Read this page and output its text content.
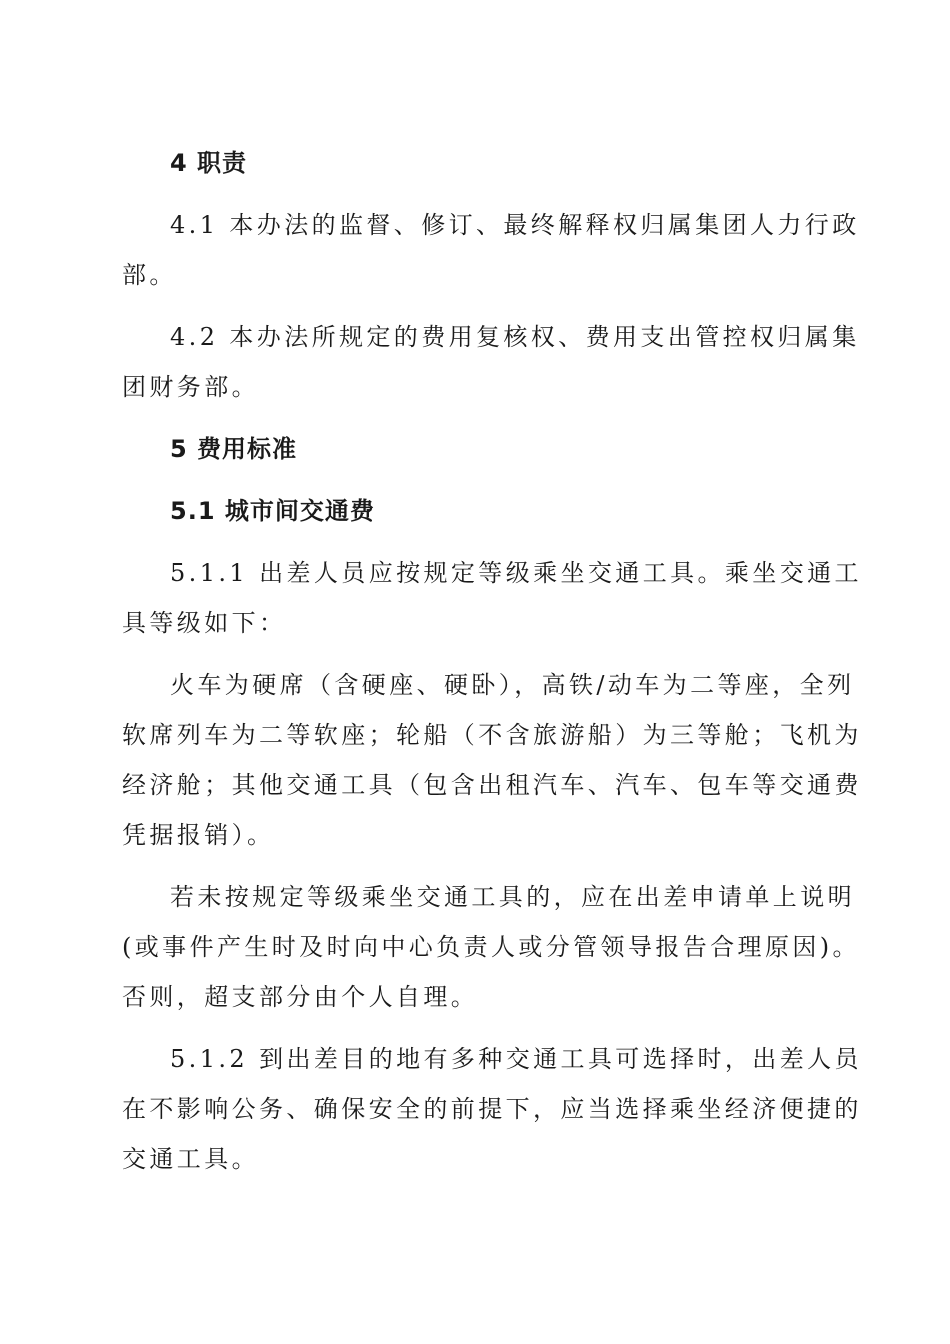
4 职责

4.1 本办法的监督、修订、最终解释权归属集团人力行政

部。

4.2 本办法所规定的费用复核权、费用支出管控权归属集

团财务部。

5 费用标准

5.1 城市间交通费

5.1.1 出差人员应按规定等级乘坐交通工具。乘坐交通工

具等级如下：

火车为硬席（含硬座、硬卧），高铁/动车为二等座，全列

软席列车为二等软座；轮船（不含旅游船）为三等舱；飞机为

经济舱；其他交通工具（包含出租汽车、汽车、包车等交通费

凭据报销）。

若未按规定等级乘坐交通工具的，应在出差申请单上说明

(或事件产生时及时向中心负责人或分管领导报告合理原因)。

否则，超支部分由个人自理。

5.1.2 到出差目的地有多种交通工具可选择时，出差人员

在不影响公务、确保安全的前提下，应当选择乘坐经济便捷的

交通工具。
